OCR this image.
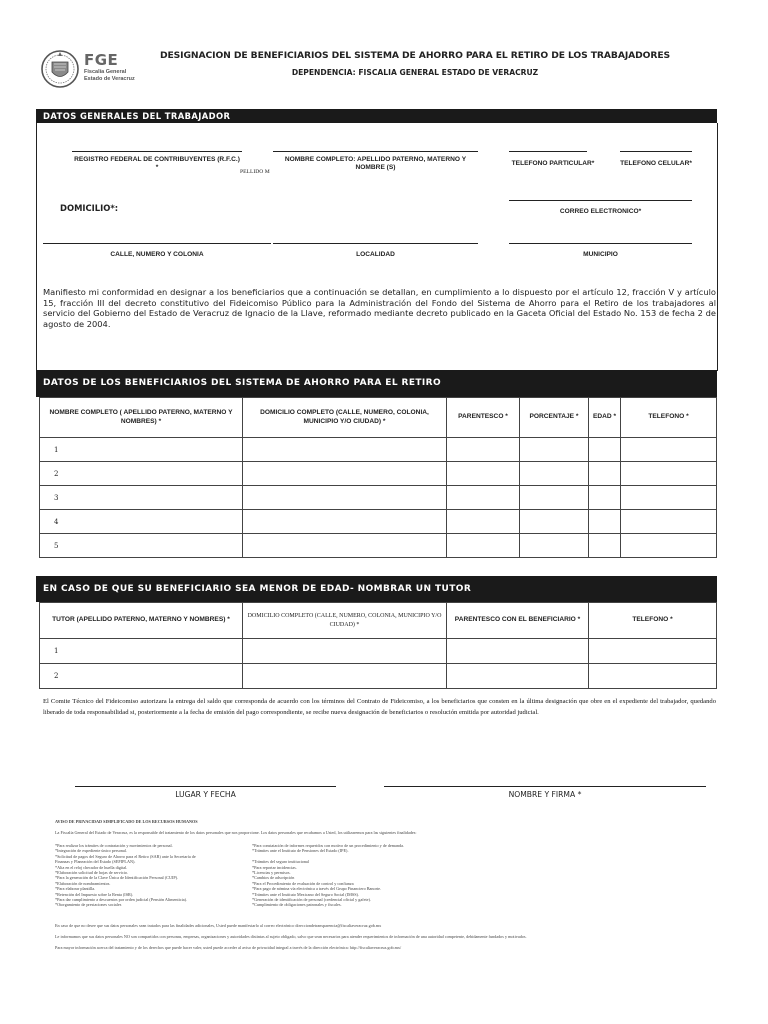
FGE
Fiscalía General
Estado de Veracruz
DESIGNACION DE BENEFICIARIOS DEL SISTEMA DE AHORRO PARA EL RETIRO DE LOS TRABAJADORES
DEPENDENCIA: FISCALIA GENERAL ESTADO DE VERACRUZ
DATOS GENERALES DEL TRABAJADOR
REGISTRO FEDERAL DE CONTRIBUYENTES (R.F.C.) *
PELLIDO M
NOMBRE COMPLETO: APELLIDO PATERNO, MATERNO Y NOMBRE (S)
TELEFONO PARTICULAR*	TELEFONO CELULAR*
DOMICILIO*:	CORREO ELECTRONICO*
CALLE, NUMERO Y COLONIA	LOCALIDAD	MUNICIPIO
Manifiesto mi conformidad en designar a los beneficiarios que a continuación se detallan, en cumplimiento a lo dispuesto por el artículo 12, fracción V y artículo 15, fracción III del decreto constitutivo del Fideicomiso Público para la Administración del Fondo del Sistema de Ahorro para el Retiro de los trabajadores al servicio del Gobierno del Estado de Veracruz de Ignacio de la Llave, reformado mediante decreto publicado en la Gaceta Oficial del Estado No. 153 de fecha 2 de agosto de 2004.
DATOS DE LOS BENEFICIARIOS DEL SISTEMA DE AHORRO PARA EL RETIRO
NOMBRE COMPLETO ( APELLIDO PATERNO, MATERNO Y NOMBRES) *	DOMICILIO COMPLETO (CALLE, NUMERO, COLONIA, MUNICIPIO Y/O CIUDAD) *	PARENTESCO *	PORCENTAJE *	EDAD *	TELEFONO *
1					
2					
3					
4					
5					
EN CASO DE QUE SU BENEFICIARIO SEA MENOR DE EDAD- NOMBRAR UN TUTOR
TUTOR (APELLIDO PATERNO, MATERNO Y NOMBRES) *	DOMICILIO COMPLETO (CALLE, NUMERO, COLONIA, MUNICIPIO Y/O CIUDAD) *	PARENTESCO CON EL BENEFICIARIO *	TELEFONO *
1			
2			
El Comite Técnico del Fideicomiso autorizara la entrega del saldo que corresponda de acuerdo con los términos del Contrato de Fideicomiso, a los beneficiarios que consten en la última designación que obre en el expediente del trabajador, quedando liberado de toda responsabilidad si, posteriormente a la fecha de emisión del pago correspondiente, se recibe nueva designación de beneficiarios o resolución emitida por autoridad judicial.
LUGAR Y FECHA	NOMBRE Y FIRMA *
AVISO DE PRIVACIDAD SIMPLIFICADO DE LOS RECURSOS HUMANOS
La Fiscalía General del Estado de Veracruz, es la responsable del tratamiento de los datos personales que nos proporcione. Los datos personales que recabamos a Usted, los utilizaremos para las siguientes finalidades:
*Para realizar los trámites de contratación y movimientos de personal.
*Integración de expediente único personal.
*Solicitud de pagos del Seguro de Ahorro para el Retiro (SAR) ante la Secretaría de
Finanzas y Planeación del Estado (SEFIPLAN).
*Alta en el reloj checador de huella digital.
*Elaboración solicitud de hojas de servicio.
*Para la generación de la Clave Única de Identificación Personal (CUIP).
*Elaboración de nombramientos.
*Para elaborar plantilla.
*Retención del Impuesto sobre la Renta (ISR).
*Para dar cumplimiento a descuentos por orden judicial (Pensión Alimenticia).
*Otorgamiento de prestaciones sociales
*Para constatación de informes requeridos con motivo de un procedimiento y de demanda.
*Trámites ante el Instituto de Pensiones del Estado (IPE).
*Trámites del seguro institucional
*Para reportar incidencias.
*Licencias y permisos.
*Cambios de adscripción
*Para el Procedimiento de evaluación de control y confianza
*Para pago de nómina vía electrónica a través del Grupo Financiero Banorte.
*Trámites ante el Instituto Mexicano del Seguro Social (IMSS).
*Generación de identificación de personal (credencial oficial y gafete).
*Cumplimiento de obligaciones patronales y fiscales.
En caso de que no desee que sus datos personales sean tratados para las finalidades adicionales, Usted puede manifestarlo al correo electrónico direcciondetransparencia@fiscaliaveracruz.gob.mx
Le informamos que sus datos personales NO son compartidos con personas, empresas, organizaciones y autoridades distintas al sujeto obligado, salvo que sean necesarios para atender requerimientos de información de una autoridad competente, debidamente fundados y motivados.
Para mayor información acerca del tratamiento y de los derechos que puede hacer valer, usted puede acceder al aviso de privacidad integral a través de la dirección electrónica: http://fiscaliaveracruz.gob.mx/
